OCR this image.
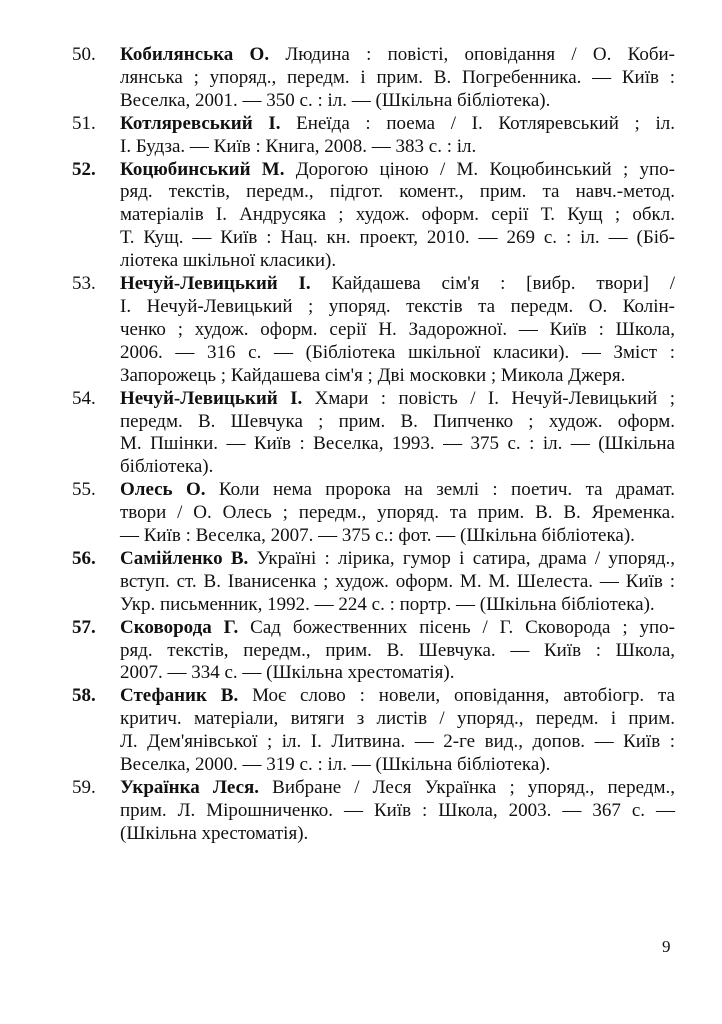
50.	Кобилянська О. Людина : повісті, оповідання / О. Коби-
лянська ; упоряд., передм. і прим. В. Погребенника. — Київ :
Веселка, 2001. — 350 с. : іл. — (Шкільна бібліотека).
51.	Котляревський І. Енеїда : поема / І. Котляревський ; іл.
І. Будза. — Київ : Книга, 2008. — 383 с. : іл.
52.	Коцюбинський М. Дорогою ціною / М. Коцюбинський ; упо-
ряд. текстів, передм., підгот. комент., прим. та навч.-метод.
матеріалів І. Андрусяка ; худож. оформ. серії Т. Кущ ; обкл.
Т. Кущ. — Київ : Нац. кн. проект, 2010. — 269 с. : іл. — (Біб-
ліотека шкільної класики).
53.	Нечуй-Левицький І. Кайдашева сім'я : [вибр. твори] /
І. Нечуй-Левицький ; упоряд. текстів та передм. О. Колін-
ченко ; худож. оформ. серії Н. Задорожної. — Київ : Школа,
2006. — 316 с. — (Бібліотека шкільної класики). — Зміст :
Запорожець ; Кайдашева сім'я ; Дві московки ; Микола Джеря.
54.	Нечуй-Левицький І. Хмари : повість / І. Нечуй-Левицький ;
передм. В. Шевчука ; прим. В. Пипченко ; худож. оформ.
М. Пшінки. — Київ : Веселка, 1993. — 375 с. : іл. — (Шкільна
бібліотека).
55.	Олесь О. Коли нема пророка на землі : поетич. та драмат.
твори / О. Олесь ; передм., упоряд. та прим. В. В. Яременка.
— Київ : Веселка, 2007. — 375 с.: фот. — (Шкільна бібліотека).
56.	Самійленко В. Україні : лірика, гумор і сатира, драма / упоряд.,
вступ. ст. В. Іванисенка ; худож. оформ. М. М. Шелеста. — Київ :
Укр. письменник, 1992. — 224 с. : портр. — (Шкільна бібліотека).
57.	Сковорода Г. Сад божественних пісень / Г. Сковорода ; упо-
ряд. текстів, передм., прим. В. Шевчука. — Київ : Школа,
2007. — 334 с. — (Шкільна хрестоматія).
58.	Стефаник В. Моє слово : новели, оповідання, автобіогр. та
критич. матеріали, витяги з листів / упоряд., передм. і прим.
Л. Дем'янівської ; іл. І. Литвина. — 2-ге вид., допов. — Київ :
Веселка, 2000. — 319 с. : іл. — (Шкільна бібліотека).
59.	Українка Леся. Вибране / Леся Українка ; упоряд., передм.,
прим. Л. Мірошниченко. — Київ : Школа, 2003. — 367 с. —
(Шкільна хрестоматія).
9
